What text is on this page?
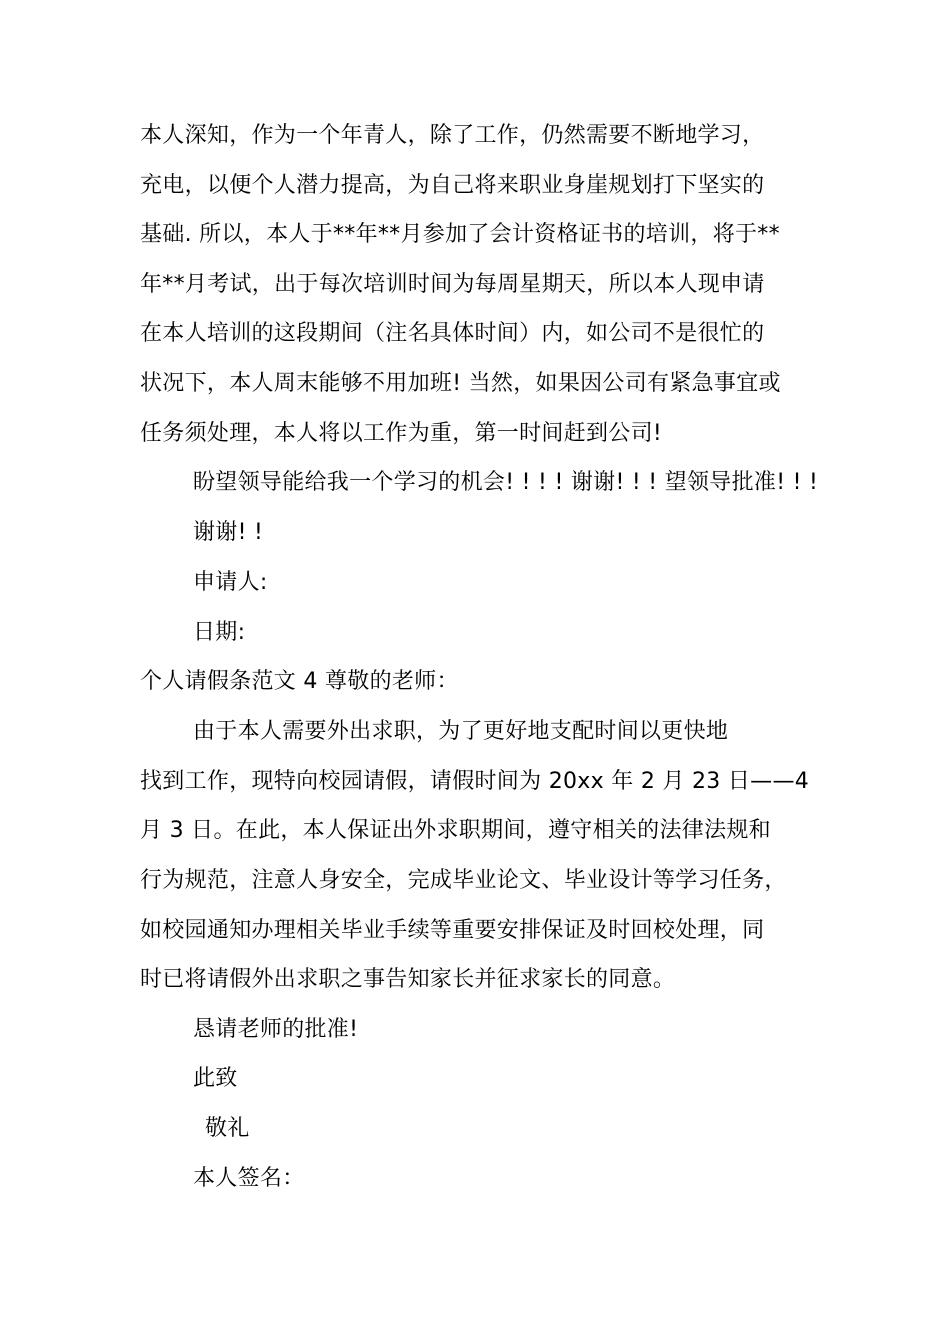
本人深知，作为一个年青人，除了工作，仍然需要不断地学习，
充电，以便个人潜力提高，为自己将来职业身崖规划打下坚实的
基础. 所以，本人于**年**月参加了会计资格证书的培训，将于**
年**月考试，出于每次培训时间为每周星期天，所以本人现申请
在本人培训的这段期间（注名具体时间）内，如公司不是很忙的
状况下，本人周末能够不用加班! 当然，如果因公司有紧急事宜或
任务须处理，本人将以工作为重，第一时间赶到公司!
盼望领导能给我一个学习的机会! ! ! ! 谢谢! ! ! 望领导批准! ! !
谢谢! !
申请人:
日期:
个人请假条范文 4 尊敬的老师：
由于本人需要外出求职，为了更好地支配时间以更快地
找到工作，现特向校园请假，请假时间为 20xx 年 2 月 23 日——4
月 3 日。在此，本人保证出外求职期间，遵守相关的法律法规和
行为规范，注意人身安全，完成毕业论文、毕业设计等学习任务，
如校园通知办理相关毕业手续等重要安排保证及时回校处理，同
时已将请假外出求职之事告知家长并征求家长的同意。
恳请老师的批准!
此致
敬礼
本人签名：
